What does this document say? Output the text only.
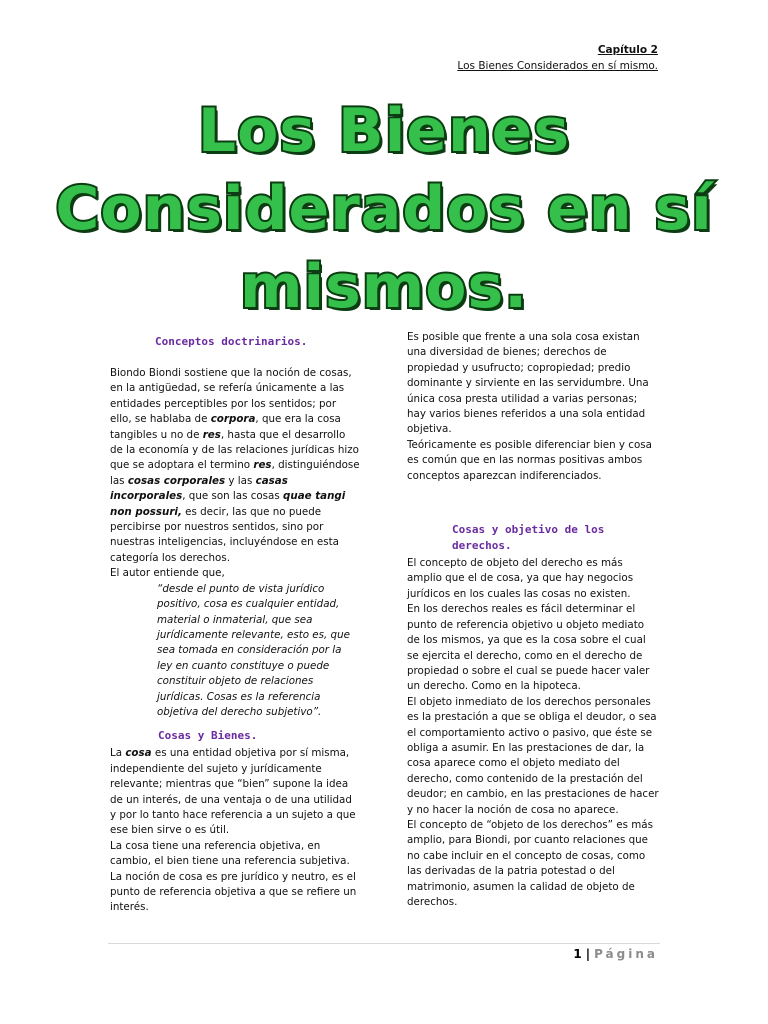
Capítulo 2
Los Bienes Considerados en sí mismo.
Los Bienes
Considerados en sí
mismos.
Conceptos doctrinarios.

Biondo Biondi sostiene que la noción de cosas, en la antigüedad, se refería únicamente a las entidades perceptibles por los sentidos; por ello, se hablaba de corpora, que era la cosa tangibles u no de res, hasta que el desarrollo de la economía y de las relaciones jurídicas hizo que se adoptara el termino res, distinguiéndose las cosas corporales y las casas incorporales, que son las cosas quae tangi non possuri, es decir, las que no puede percibirse por nuestros sentidos, sino por nuestras inteligencias, incluyéndose en esta categoría los derechos.

El autor entiende que,

“desde el punto de vista jurídico positivo, cosa es cualquier entidad, material o inmaterial, que sea jurídicamente relevante, esto es, que sea tomada en consideración por la ley en cuanto constituye o puede constituir objeto de relaciones jurídicas. Cosas es la referencia objetiva del derecho subjetivo”.

Cosas y Bienes.

La cosa es una entidad objetiva por sí misma, independiente del sujeto y jurídicamente relevante; mientras que “bien” supone la idea de un interés, de una ventaja o de una utilidad y por lo tanto hace referencia a un sujeto a que ese bien sirve o es útil.

La cosa tiene una referencia objetiva, en cambio, el bien tiene una referencia subjetiva.

La noción de cosa es pre jurídico y neutro, es el punto de referencia objetiva a que se refiere un interés.

Es posible que frente a una sola cosa existan una diversidad de bienes; derechos de propiedad y usufructo; copropiedad; predio dominante y sirviente en las servidumbre. Una única cosa presta utilidad a varias personas; hay varios bienes referidos a una sola entidad objetiva.

Teóricamente es posible diferenciar bien y cosa es común que en las normas positivas ambos conceptos aparezcan indiferenciados.

Cosas y objetivo de los derechos.

El concepto de objeto del derecho es más amplio que el de cosa, ya que hay negocios jurídicos en los cuales las cosas no existen.

En los derechos reales es fácil determinar el punto de referencia objetivo u objeto mediato de los mismos, ya que es la cosa sobre el cual se ejercita el derecho, como en el derecho de propiedad o sobre el cual se puede hacer valer un derecho. Como en la hipoteca.

El objeto inmediato de los derechos personales es la prestación a que se obliga el deudor, o sea el comportamiento activo o pasivo, que éste se obliga a asumir. En las prestaciones de dar, la cosa aparece como el objeto mediato del derecho, como contenido de la prestación del deudor; en cambio, en las prestaciones de hacer y no hacer la noción de cosa no aparece.

El concepto de “objeto de los derechos” es más amplio, para Biondi, por cuanto relaciones que no cabe incluir en el concepto de cosas, como las derivadas de la patria potestad o del matrimonio, asumen la calidad de objeto de derechos.

1 | Página
